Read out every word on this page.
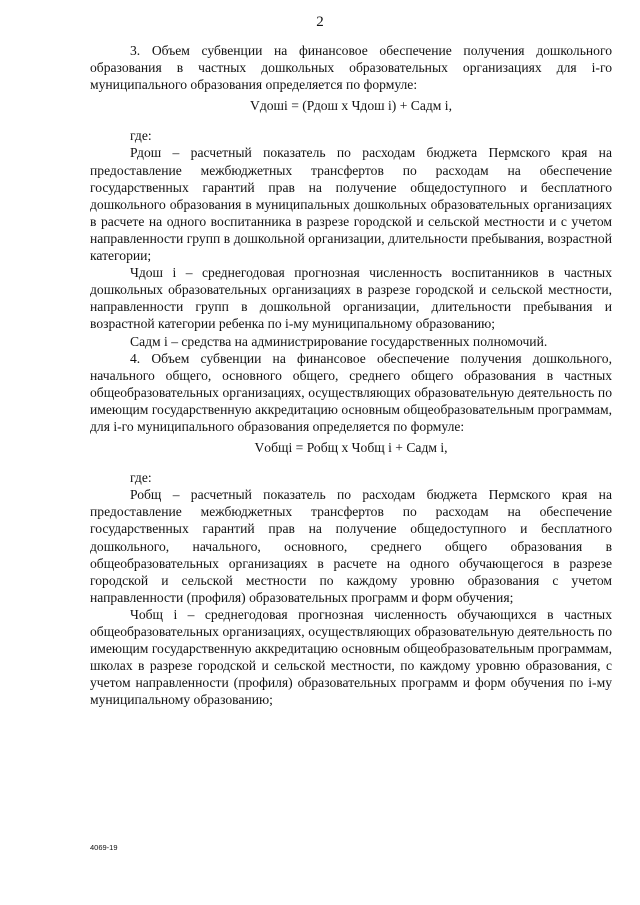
2

3. Объем субвенции на финансовое обеспечение получения дошкольного образования в частных дошкольных образовательных организациях для i-го муниципального образования определяется по формуле:

Vдоші = (Рдош х Чдош і) + Садм і,

где:

Рдош – расчетный показатель по расходам бюджета Пермского края на предоставление межбюджетных трансфертов по расходам на обеспечение государственных гарантий прав на получение общедоступного и бесплатного дошкольного образования в муниципальных дошкольных образовательных организациях в расчете на одного воспитанника в разрезе городской и сельской местности и с учетом направленности групп в дошкольной организации, длительности пребывания, возрастной категории;

Чдош і – среднегодовая прогнозная численность воспитанников в частных дошкольных образовательных организациях в разрезе городской и сельской местности, направленности групп в дошкольной организации, длительности пребывания и возрастной категории ребенка по і-му муниципальному образованию;

Садм і – средства на администрирование государственных полномочий.

4. Объем субвенции на финансовое обеспечение получения дошкольного, начального общего, основного общего, среднего общего образования в частных общеобразовательных организациях, осуществляющих образовательную деятельность по имеющим государственную аккредитацию основным общеобразовательным программам, для і-го муниципального образования определяется по формуле:

Vобщі = Робщ х Чобщ і + Садм і,

где:

Робщ – расчетный показатель по расходам бюджета Пермского края на предоставление межбюджетных трансфертов по расходам на обеспечение государственных гарантий прав на получение общедоступного и бесплатного дошкольного, начального, основного, среднего общего образования в общеобразовательных организациях в расчете на одного обучающегося в разрезе городской и сельской местности по каждому уровню образования с учетом направленности (профиля) образовательных программ и форм обучения;

Чобщ і – среднегодовая прогнозная численность обучающихся в частных общеобразовательных организациях, осуществляющих образовательную деятельность по имеющим государственную аккредитацию основным общеобразовательным программам, школах в разрезе городской и сельской местности, по каждому уровню образования, с учетом направленности (профиля) образовательных программ и форм обучения по і-му муниципальному образованию;

4069-19
